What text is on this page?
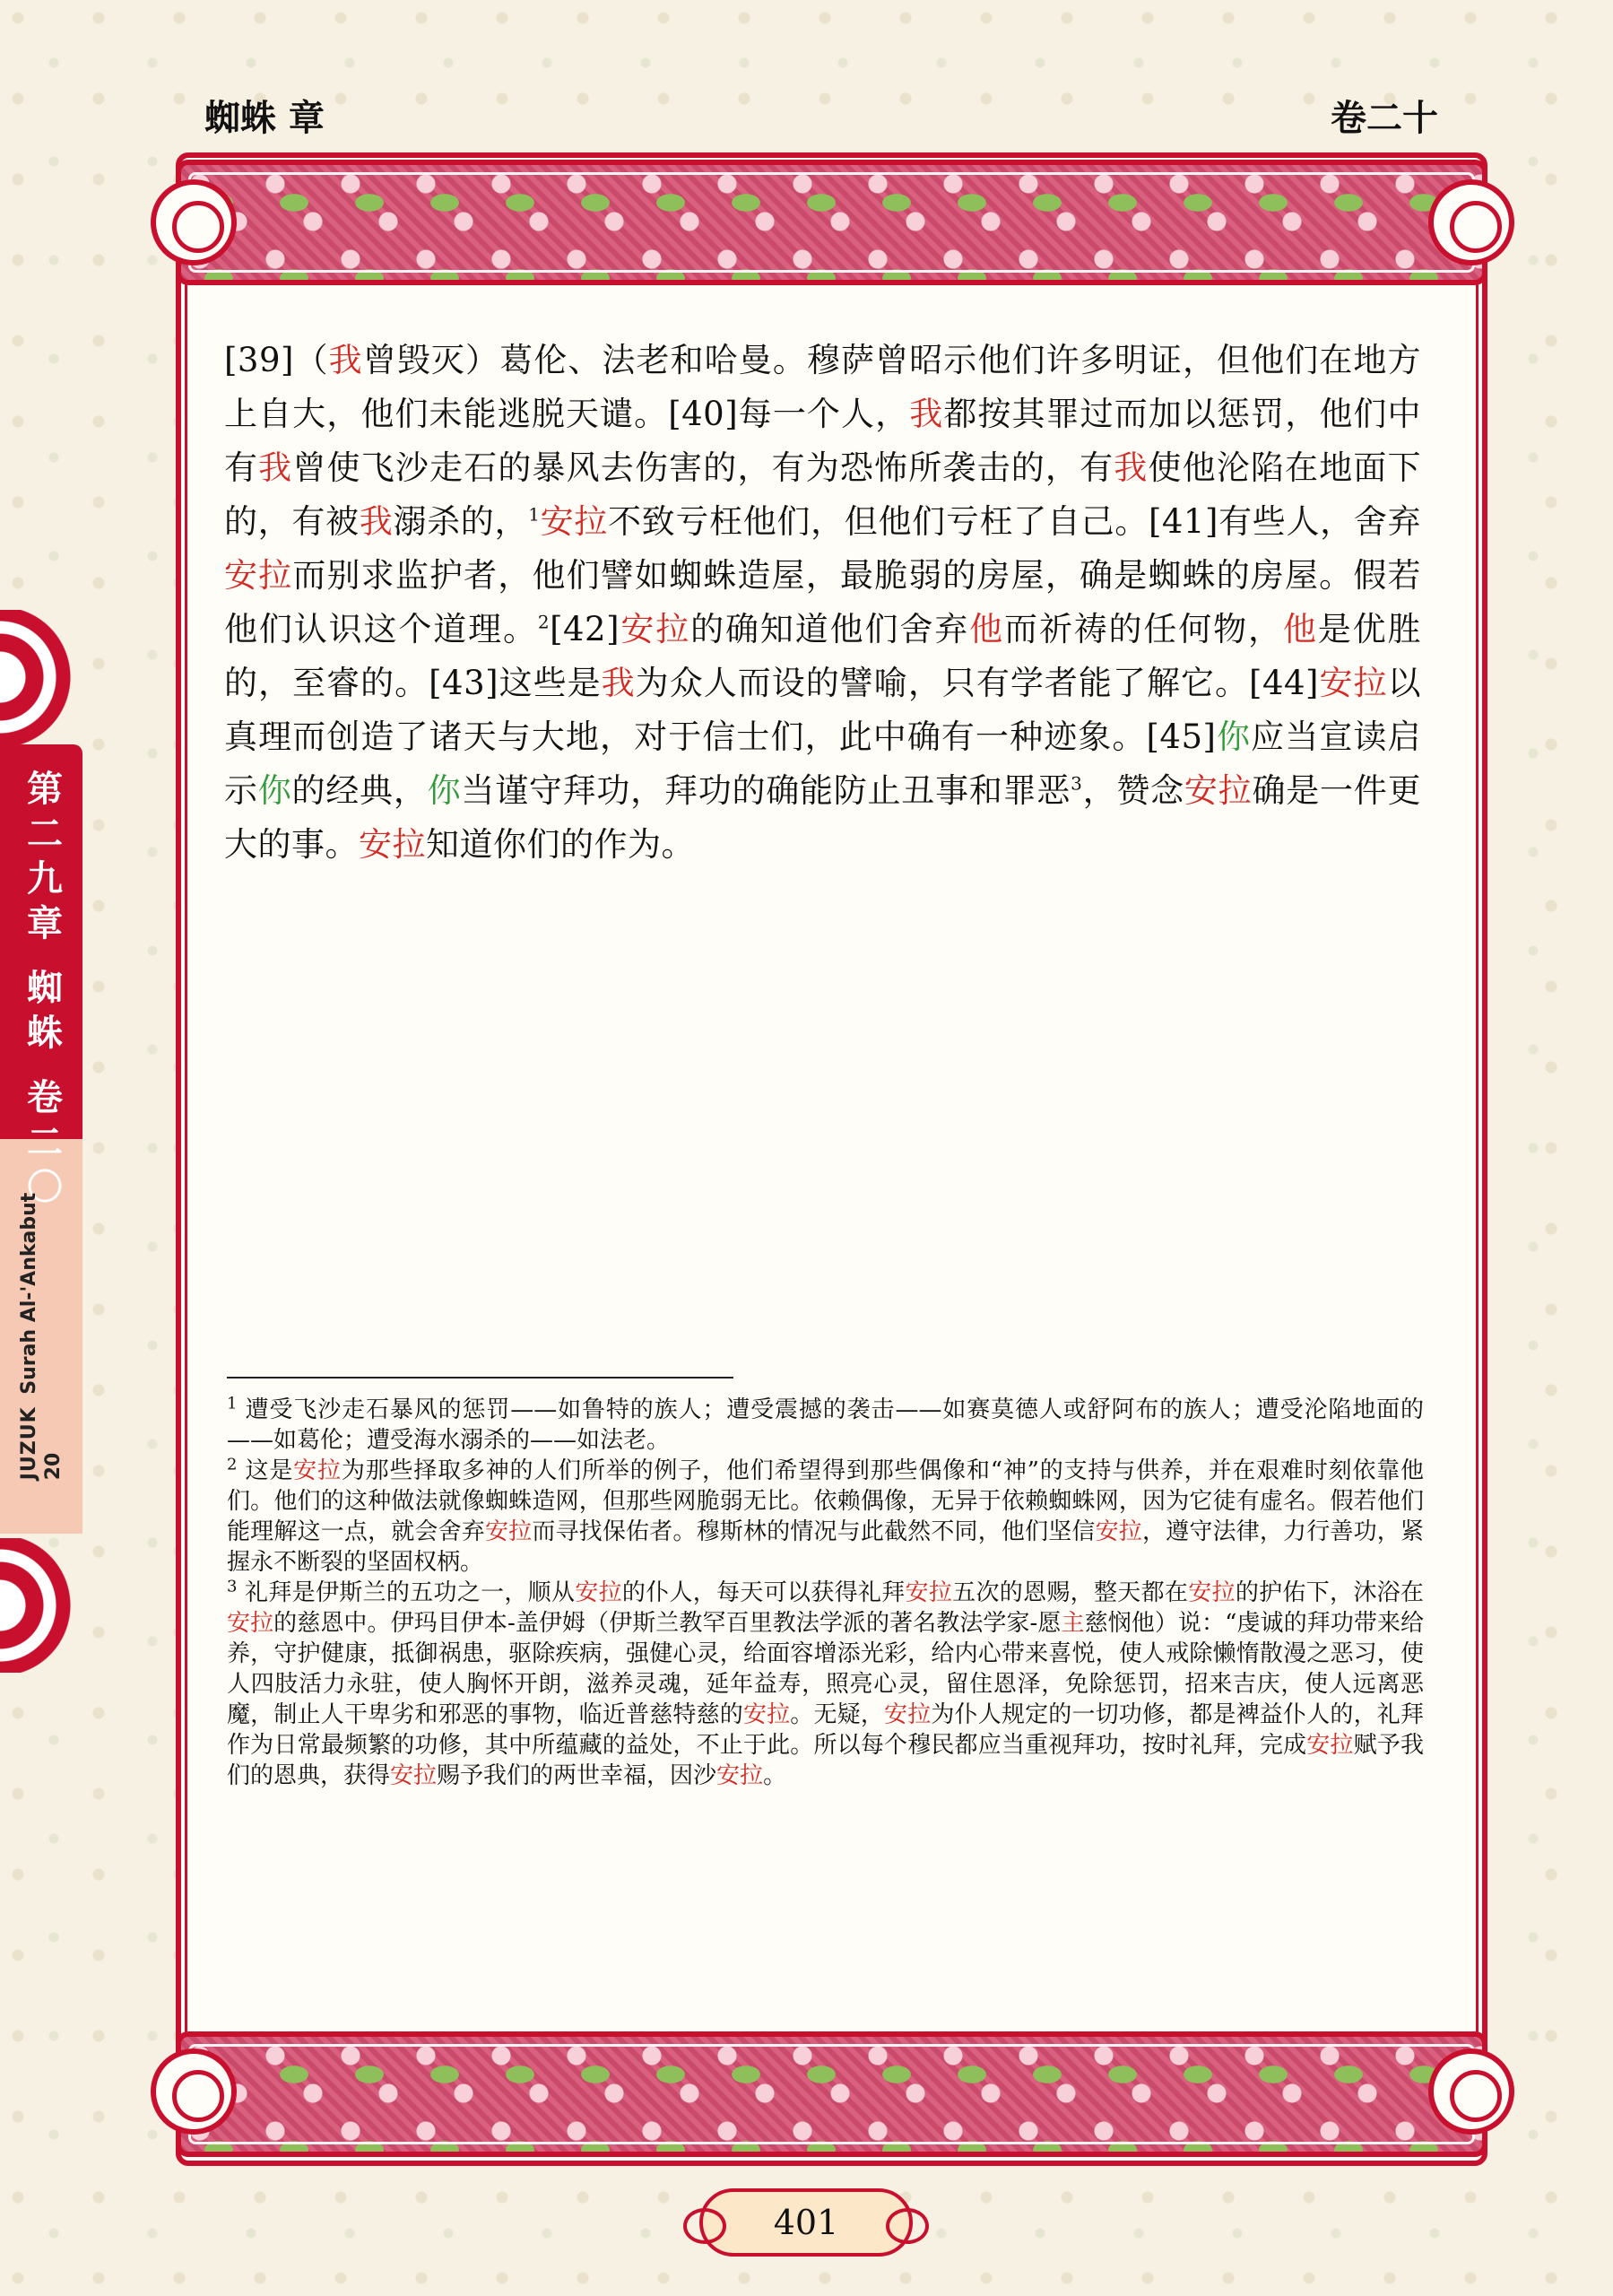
蜘蛛 章	卷二十
第二九章
蜘蛛
卷二〇
JUZUK Surah Al-'Ankabut
20
[39]（我曾毁灭）葛伦、法老和哈曼。穆萨曾昭示他们许多明证，但他们在地方上自大，他们未能逃脱天谴。[40]每一个人，我都按其罪过而加以惩罚，他们中有我曾使飞沙走石的暴风去伤害的，有为恐怖所袭击的，有我使他沦陷在地面下的，有被我溺杀的，$^1$安拉不致亏枉他们，但他们亏枉了自己。[41]有些人，舍弃安拉而别求监护者，他们譬如蜘蛛造屋，最脆弱的房屋，确是蜘蛛的房屋。假若他们认识这个道理。$^2$[42]安拉的确知道他们舍弃他而祈祷的任何物，他是优胜的，至睿的。[43]这些是我为众人而设的譬喻，只有学者能了解它。[44]安拉以真理而创造了诸天与大地，对于信士们，此中确有一种迹象。[45]你应当宣读启示你的经典，你当谨守拜功，拜功的确能防止丑事和罪恶$^3$，赞念安拉确是一件更大的事。安拉知道你们的作为。

$^1$ 遭受飞沙走石暴风的惩罚——如鲁特的族人；遭受震撼的袭击——如赛莫德人或舒阿布的族人；遭受沦陷地面的——如葛伦；遭受海水溺杀的——如法老。

$^2$ 这是安拉为那些择取多神的人们所举的例子，他们希望得到那些偶像和“神”的支持与供养，并在艰难时刻依靠他们。他们的这种做法就像蜘蛛造网，但那些网脆弱无比。依赖偶像，无异于依赖蜘蛛网，因为它徒有虚名。假若他们能理解这一点，就会舍弃安拉而寻找保佑者。穆斯林的情况与此截然不同，他们坚信安拉，遵守法律，力行善功，紧握永不断裂的坚固权柄。

$^3$ 礼拜是伊斯兰的五功之一，顺从安拉的仆人，每天可以获得礼拜安拉五次的恩赐，整天都在安拉的护佑下，沐浴在安拉的慈恩中。伊玛目伊本-盖伊姆（伊斯兰教罕百里教法学派的著名教法学家-愿主慈悯他）说：“虔诚的拜功带来给养，守护健康，抵御祸患，驱除疾病，强健心灵，给面容增添光彩，给内心带来喜悦，使人戒除懒惰散漫之恶习，使人四肢活力永驻，使人胸怀开朗，滋养灵魂，延年益寿，照亮心灵，留住恩泽，免除惩罚，招来吉庆，使人远离恶魔，制止人干卑劣和邪恶的事物，临近普慈特慈的安拉。无疑，安拉为仆人规定的一切功修，都是裨益仆人的，礼拜作为日常最频繁的功修，其中所蕴藏的益处，不止于此。所以每个穆民都应当重视拜功，按时礼拜，完成安拉赋予我们的恩典，获得安拉赐予我们的两世幸福，因沙安拉。

401
